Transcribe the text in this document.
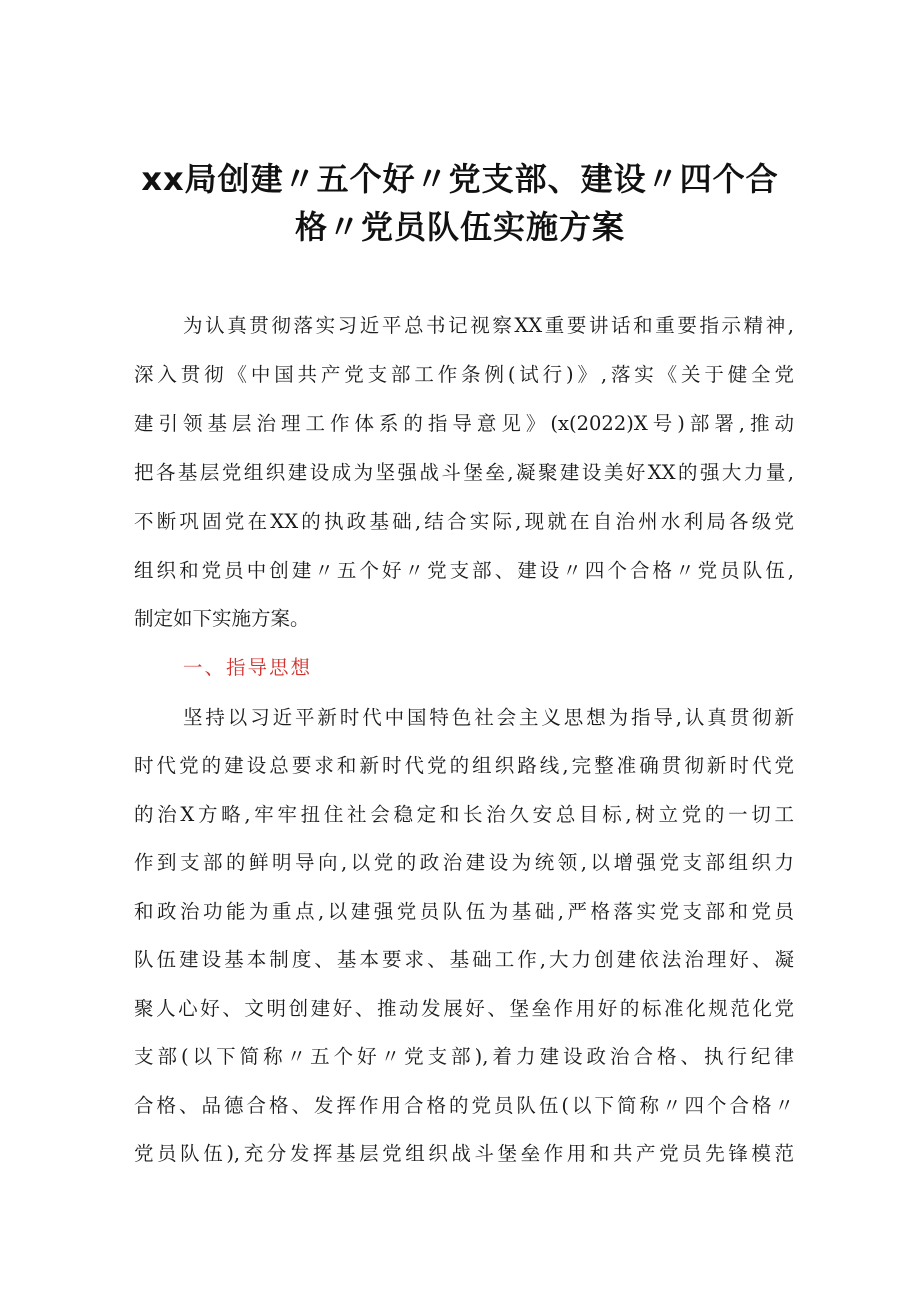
xx局创建〃五个好〃党支部、建设〃四个合
格〃党员队伍实施方案
为认真贯彻落实习近平总书记视察XX重要讲话和重要指示精神,
深入贯彻《中国共产党支部工作条例(试行)》,落实《关于健全党
建引领基层治理工作体系的指导意见》(x(2022)X号)部署,推动
把各基层党组织建设成为坚强战斗堡垒,凝聚建设美好XX的强大力量,
不断巩固党在XX的执政基础,结合实际,现就在自治州水利局各级党
组织和党员中创建〃五个好〃党支部、建设〃四个合格〃党员队伍,
制定如下实施方案。
一、指导思想
坚持以习近平新时代中国特色社会主义思想为指导,认真贯彻新
时代党的建设总要求和新时代党的组织路线,完整准确贯彻新时代党
的治X方略,牢牢扭住社会稳定和长治久安总目标,树立党的一切工
作到支部的鲜明导向,以党的政治建设为统领,以增强党支部组织力
和政治功能为重点,以建强党员队伍为基础,严格落实党支部和党员
队伍建设基本制度、基本要求、基础工作,大力创建依法治理好、凝
聚人心好、文明创建好、推动发展好、堡垒作用好的标准化规范化党
支部(以下简称〃五个好〃党支部),着力建设政治合格、执行纪律
合格、品德合格、发挥作用合格的党员队伍(以下简称〃四个合格〃
党员队伍),充分发挥基层党组织战斗堡垒作用和共产党员先锋模范
